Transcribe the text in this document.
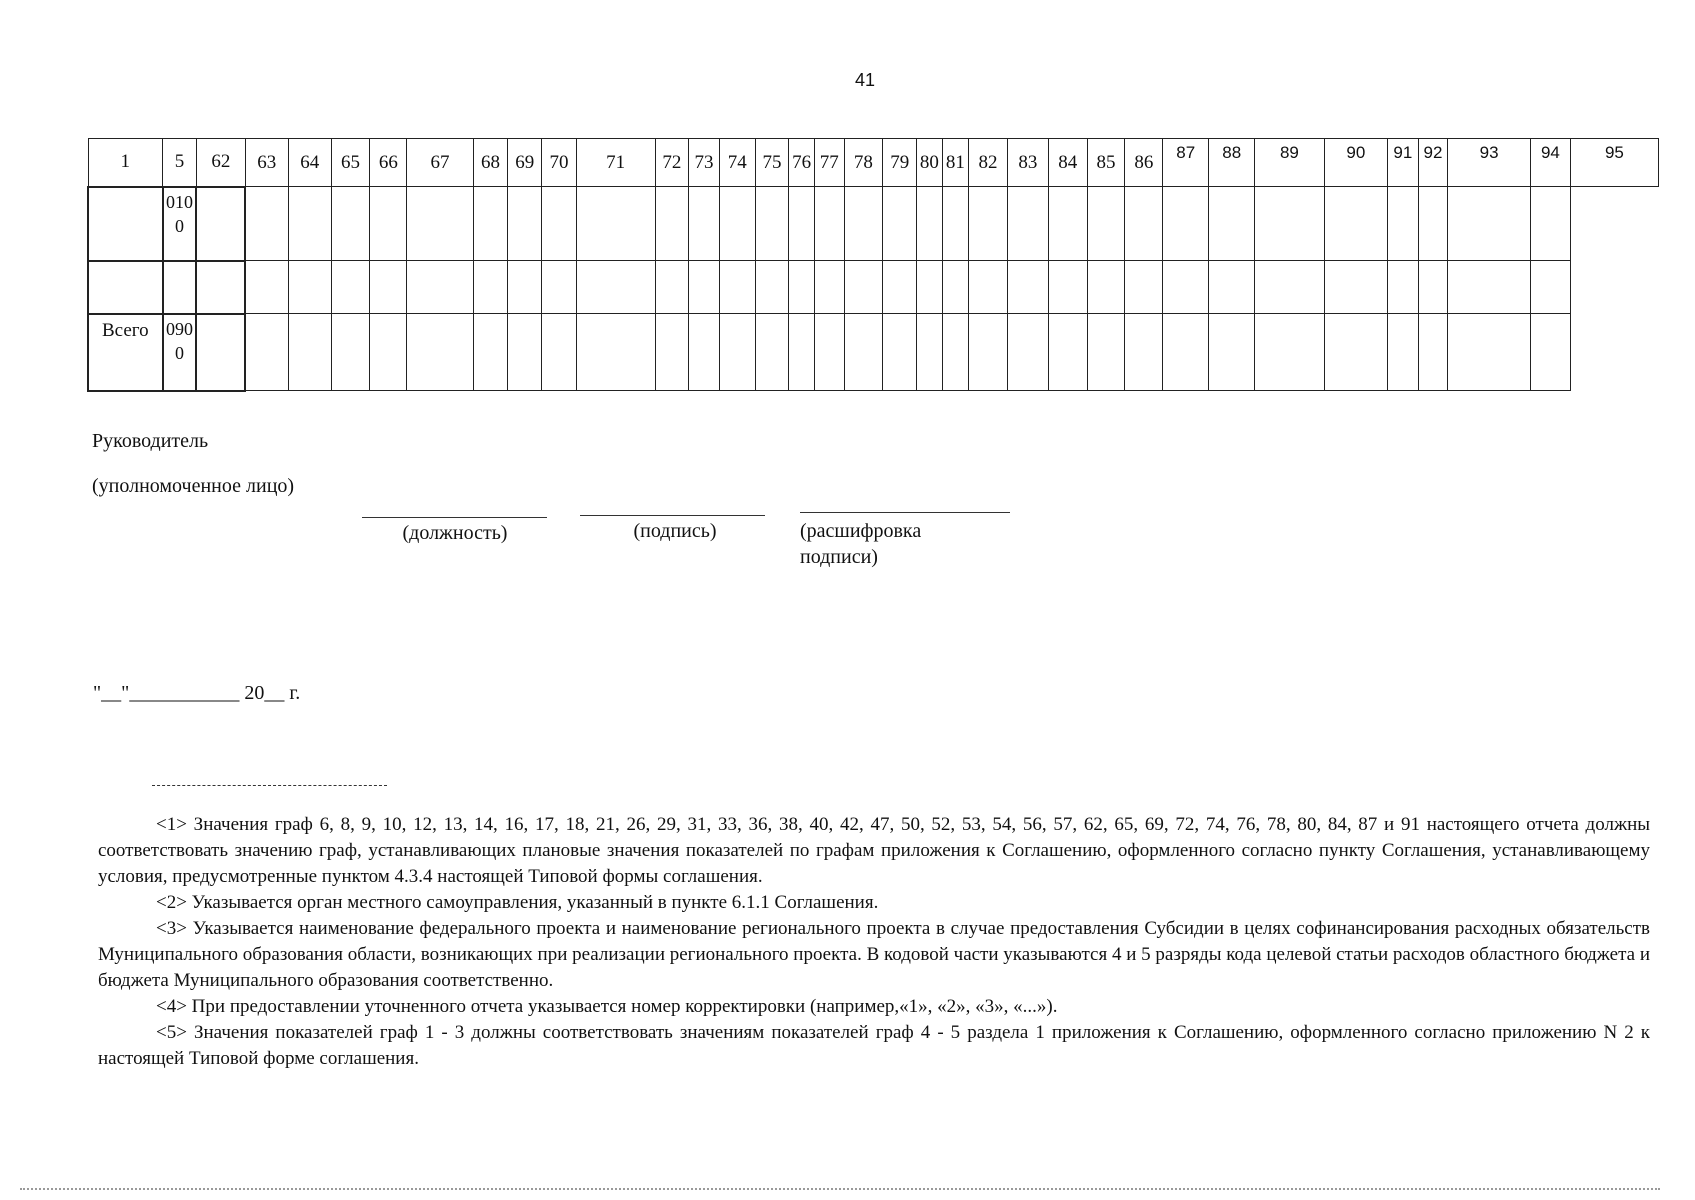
41
1	5	62	63	64	65	66	67	68	69	70	71	72	73	74	75	76	77	78	79	80	81	82	83	84	85	86	87	88	89	90	91	92	93	94	95
	0100																																		

Всего	0900																																		
Руководитель
(уполномоченное лицо)
(должность)	(подпись)	(расшифровка подписи)
"__"___________ 20__ г.

<1> Значения граф 6, 8, 9, 10, 12, 13, 14, 16, 17, 18, 21, 26, 29, 31, 33, 36, 38, 40, 42, 47, 50, 52, 53, 54, 56, 57, 62, 65, 69, 72, 74, 76, 78, 80, 84, 87 и 91 настоящего отчета должны соответствовать значению граф, устанавливающих плановые значения показателей по графам приложения к Соглашению, оформленного согласно пункту Соглашения, устанавливающему условия, предусмотренные пунктом 4.3.4 настоящей Типовой формы соглашения.

<2> Указывается орган местного самоуправления, указанный в пункте 6.1.1 Соглашения.

<3> Указывается наименование федерального проекта и наименование регионального проекта в случае предоставления Субсидии в целях софинансирования расходных обязательств Муниципального образования области, возникающих при реализации регионального проекта. В кодовой части указываются 4 и 5 разряды кода целевой статьи расходов областного бюджета и бюджета Муниципального образования соответственно.

<4> При предоставлении уточненного отчета указывается номер корректировки (например,«1», «2», «3», «...»).

<5> Значения показателей граф 1 - 3 должны соответствовать значениям показателей граф 4 - 5 раздела 1 приложения к Соглашению, оформленного согласно приложению N 2 к настоящей Типовой форме соглашения.
